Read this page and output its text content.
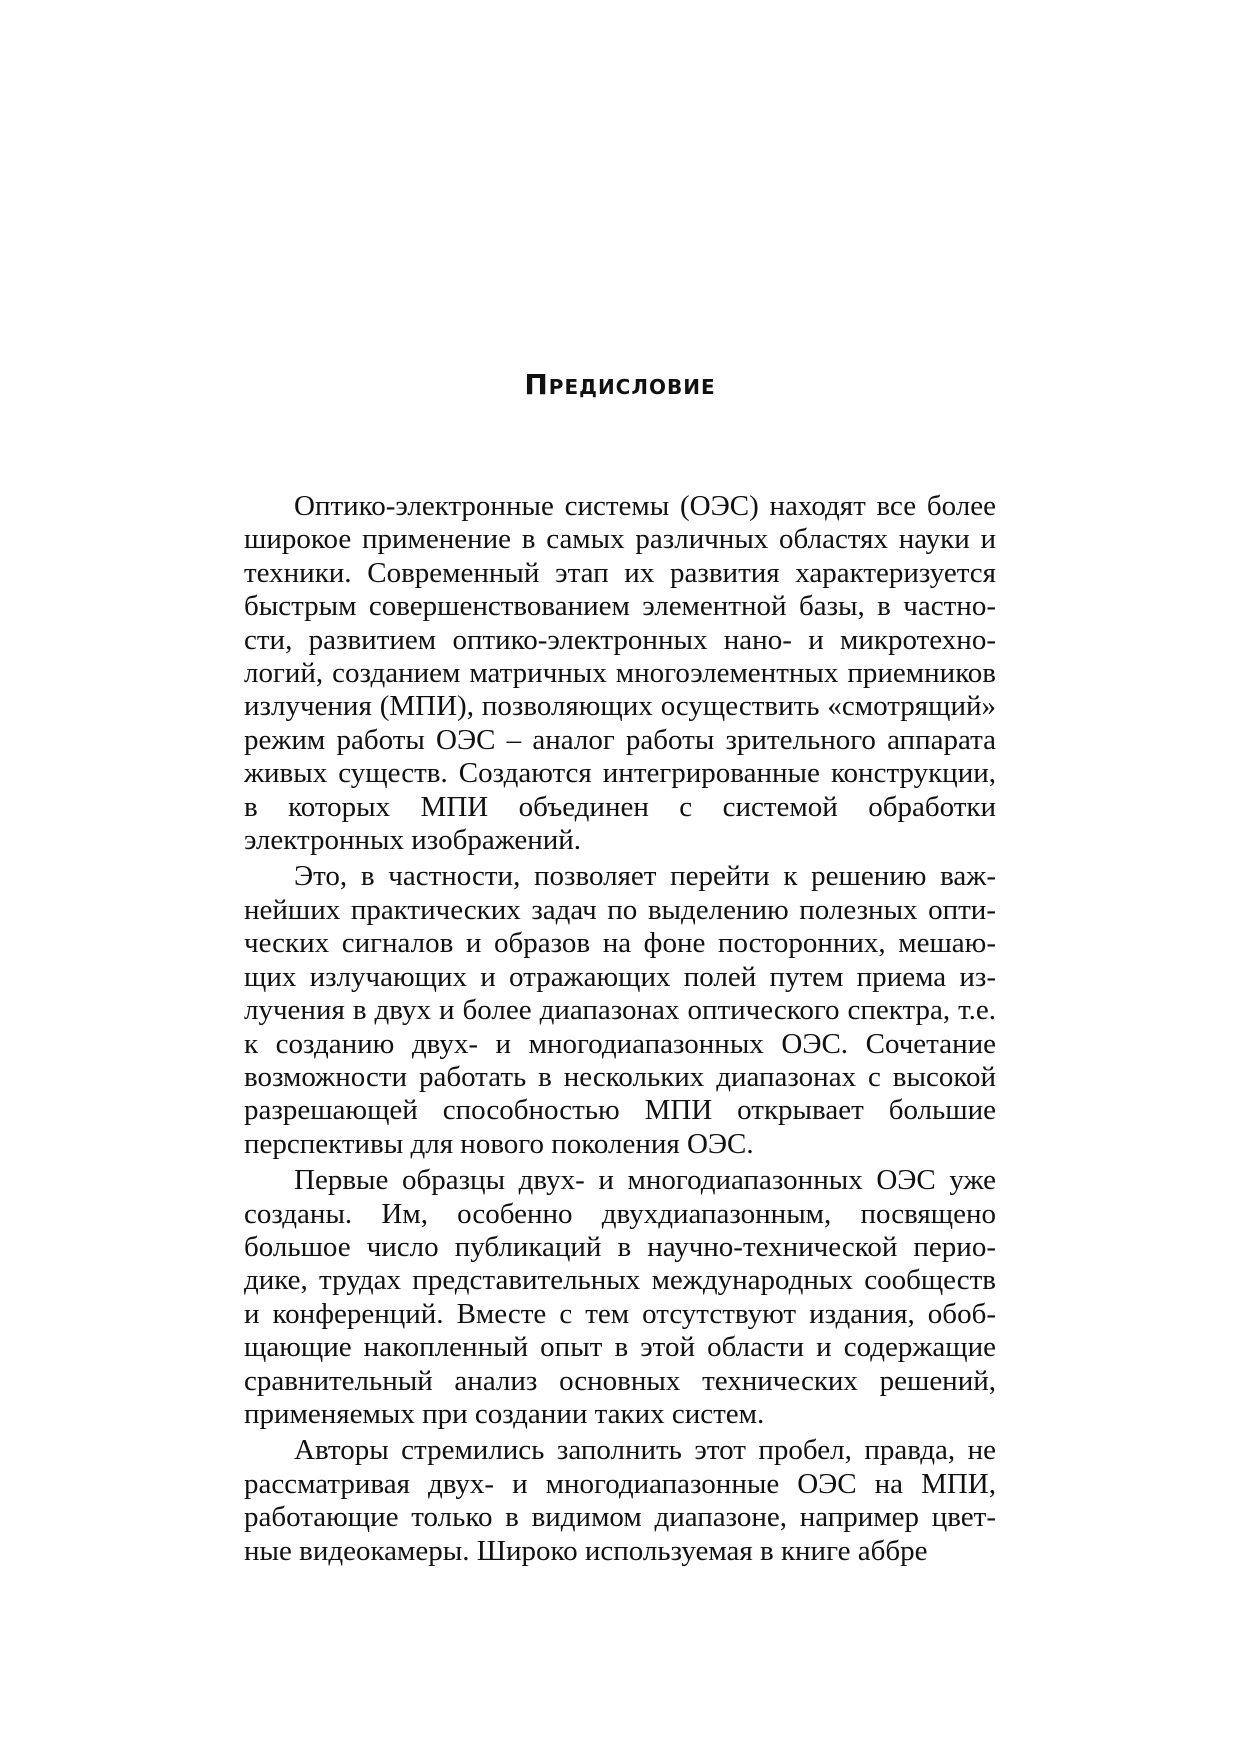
Предисловие

Оптико-электронные системы (ОЭС) находят все более широкое применение в самых различных областях науки и техники. Современный этап их развития характеризуется быстрым совершенствованием элементной базы, в частности, развитием оптико-электронных нано- и микротехнологий, созданием матричных многоэлементных приемников излучения (МПИ), позволяющих осуществить «смотрящий» режим работы ОЭС – аналог работы зрительного аппарата живых существ. Создаются интегрированные конструкции, в которых МПИ объединен с системой обработки электронных изображений.

Это, в частности, позволяет перейти к решению важнейших практических задач по выделению полезных оптических сигналов и образов на фоне посторонних, мешающих излучающих и отражающих полей путем приема излучения в двух и более диапазонах оптического спектра, т.е. к созданию двух- и многодиапазонных ОЭС. Сочетание возможности работать в нескольких диапазонах с высокой разрешающей способностью МПИ открывает большие перспективы для нового поколения ОЭС.

Первые образцы двух- и многодиапазонных ОЭС уже созданы. Им, особенно двухдиапазонным, посвящено большое число публикаций в научно-технической периодике, трудах представительных международных сообществ и конференций. Вместе с тем отсутствуют издания, обобщающие накопленный опыт в этой области и содержащие сравнительный анализ основных технических решений, применяемых при создании таких систем.

Авторы стремились заполнить этот пробел, правда, не рассматривая двух- и многодиапазонные ОЭС на МПИ, работающие только в видимом диапазоне, например цветные видеокамеры. Широко используемая в книге аббре
